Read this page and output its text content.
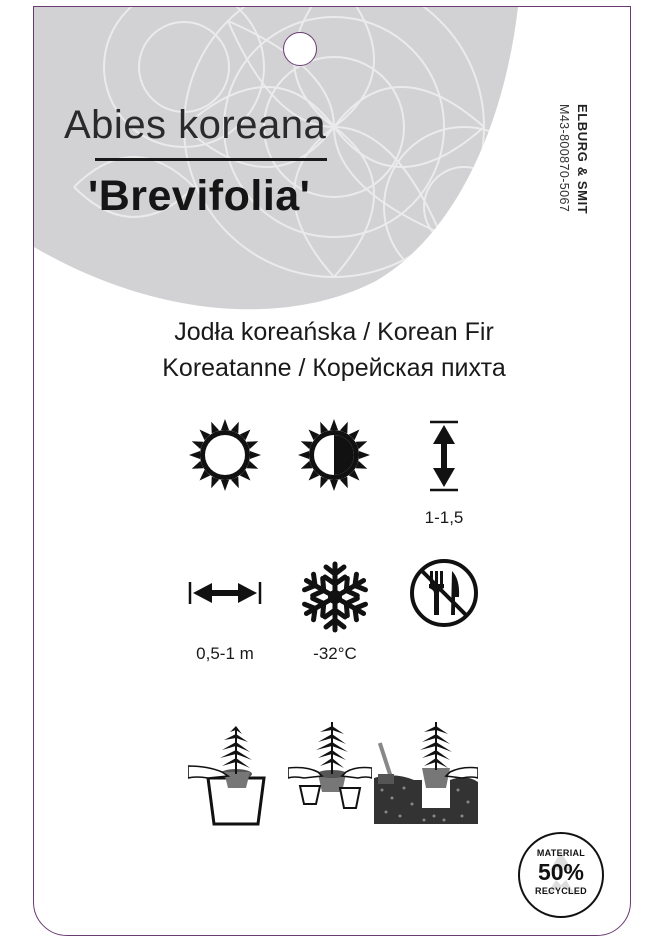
Abies koreana
'Brevifolia'	ELBURG & SMIT
M43-800870-5067
Jodła koreańska / Korean Fir
Koreatanne / Корейская пихта
1-1,5
0,5-1 m	-32°C
MATERIAL
50%
RECYCLED
